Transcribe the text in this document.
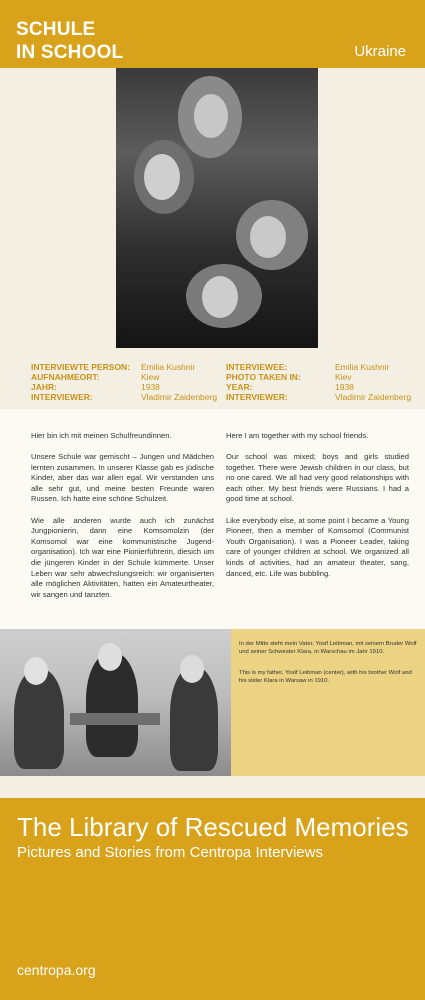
SCHULE
IN SCHOOL	Ukraine
INTERVIEWTE PERSON:	Emilia Kushnir
AUFNAHMEORT:	Kiew
JAHR:	1938
INTERVIEWER:	Vladimir Zaidenberg
INTERVIEWEE:	Emilia Kushnir
PHOTO TAKEN IN:	Kiev
YEAR:	1938
INTERVIEWER:	Vladimir Zaidenberg

Hier bin ich mit meinen Schulfreundinnen.

Unsere Schule war gemischt – Jungen und Mädchen lernten zusammen. In unserer Klasse gab es jüdische Kinder, aber das war allen egal. Wir verstanden uns alle sehr gut, und meine besten Freunde waren Russen. Ich hatte eine schöne Schulzeit.

Wie alle anderen wurde auch ich zunächst Jungpionierin, dann eine Komsomolzin (der Komsomol war eine kommunistische Jugendorganisation). Ich war eine Pionierführerin, diesich um die jüngeren Kinder in der Schule kümmerte. Unser Leben war sehr abwechslungsreich: wir organisierten alle möglichen Aktivitäten, hatten ein Amateurtheater, wir sangen und tanzten.

Here I am together with my school friends.

Our school was mixed; boys and girls studied together. There were Jewish children in our class, but no one cared. We all had very good relationships with each other. My best friends were Russians. I had a good time at school.

Like everybody else, at some point I became a Young Pioneer, then a member of Komsomol (Communist Youth Organisation). I was a Pioneer Leader, taking care of younger children at school. We organized all kinds of activities, had an amateur theater, sang, danced, etc. Life was bubbling.

In der Mitte steht mein Vater, Yosif Leibman, mit seinem Bruder Wolf und seiner Schwester Klara, in Warschau im Jahr 1910.
This is my father, Yosif Leibman (center), with his brother Wolf and his sister Klara in Warsaw in 1910.
The Library of Rescued Memories
Pictures and Stories from Centropa Interviews
centropa.org
